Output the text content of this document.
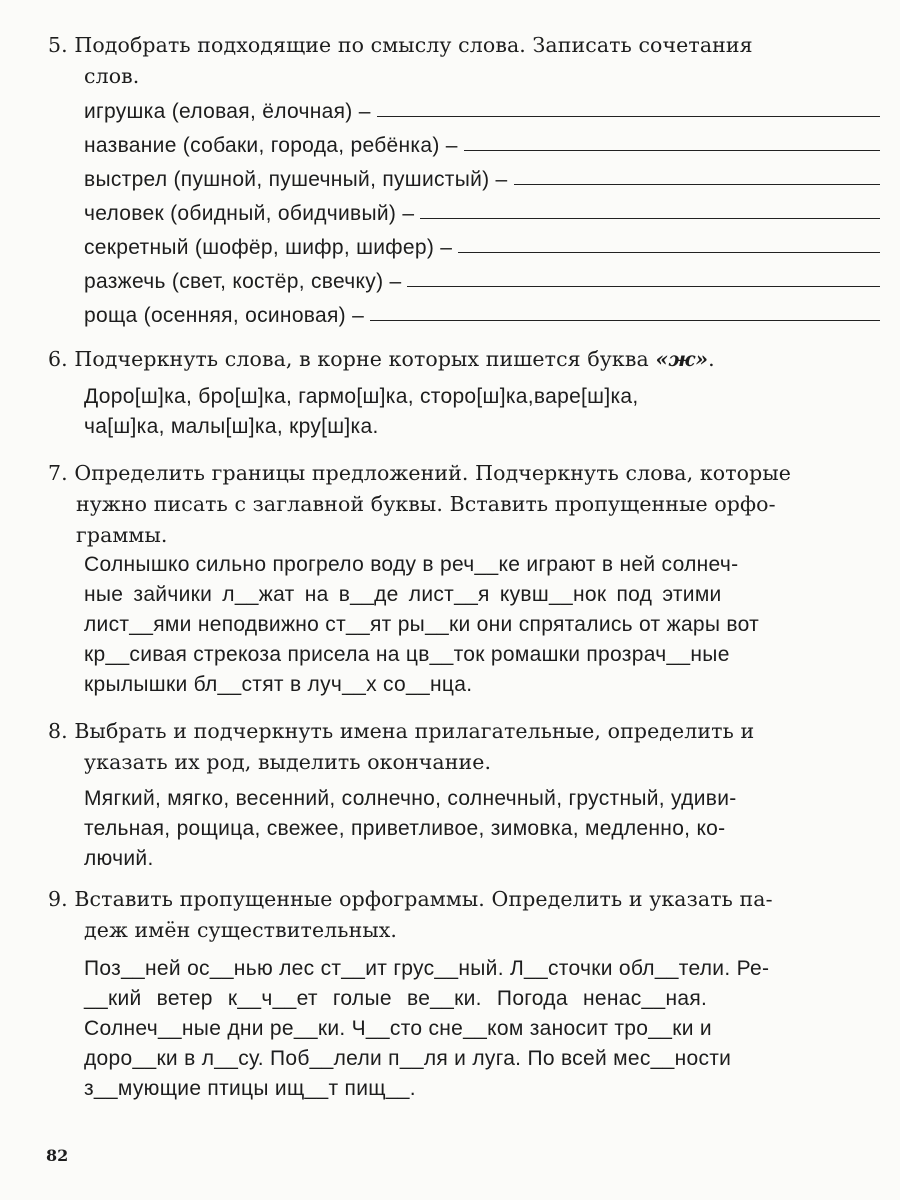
5. Подобрать подходящие по смыслу слова. Записать сочетания
слов.
игрушка (еловая, ёлочная) –
название (собаки, города, ребёнка) –
выстрел (пушной, пушечный, пушистый) –
человек (обидный, обидчивый) –
секретный (шофёр, шифр, шифер) –
разжечь (свет, костёр, свечку) –
роща (осенняя, осиновая) –
6. Подчеркнуть слова, в корне которых пишется буква «ж».
Доро[ш]ка, бро[ш]ка, гармо[ш]ка, сторо[ш]ка,варе[ш]ка,
ча[ш]ка, малы[ш]ка, кру[ш]ка.
7. Определить границы предложений. Подчеркнуть слова, которые
нужно писать с заглавной буквы. Вставить пропущенные орфо-
граммы.
Солнышко сильно прогрело воду в реч__ке играют в ней солнеч-
ные зайчики л__жат на в__де лист__я кувш__нок под этими
лист__ями неподвижно ст__ят ры__ки они спрятались от жары вот
кр__сивая стрекоза присела на цв__ток ромашки прозрач__ные
крылышки бл__стят в луч__х со__нца.
8. Выбрать и подчеркнуть имена прилагательные, определить и
указать их род, выделить окончание.
Мягкий, мягко, весенний, солнечно, солнечный, грустный, удиви-
тельная, рощица, свежее, приветливое, зимовка, медленно, ко-
лючий.
9. Вставить пропущенные орфограммы. Определить и указать па-
деж имён существительных.
Поз__ней ос__нью лес ст__ит грус__ный. Л__сточки обл__тели. Ре-
__кий ветер к__ч__ет голые ве__ки. Погода ненас__ная.
Солнеч__ные дни ре__ки. Ч__сто сне__ком заносит тро__ки и
доро__ки в л__су. Поб__лели п__ля и луга. По всей мес__ности
з__мующие птицы ищ__т пищ__.
82
